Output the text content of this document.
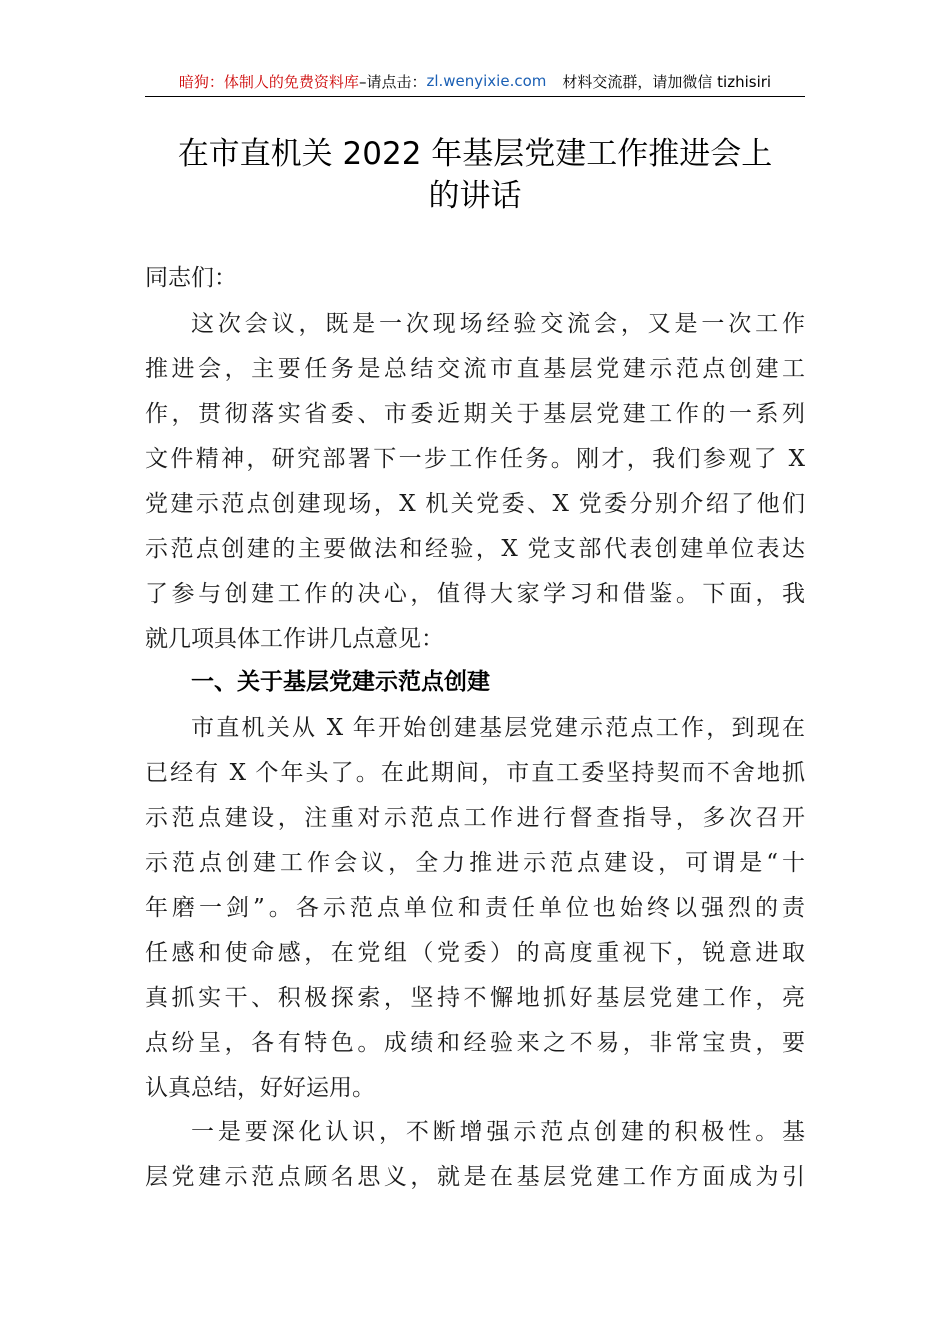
暗狗：体制人的免费资料库 –请点击： zl.wenyixie.com 材料交流群，请加微信 tizhisiri
在市直机关 2022 年基层党建工作推进会上
的讲话
同志们：
这次会议，既是一次现场经验交流会，又是一次工作
推进会，主要任务是总结交流市直基层党建示范点创建工
作，贯彻落实省委、市委近期关于基层党建工作的一系列
文件精神，研究部署下一步工作任务。刚才，我们参观了 X
党建示范点创建现场，X 机关党委、X 党委分别介绍了他们
示范点创建的主要做法和经验，X 党支部代表创建单位表达
了参与创建工作的决心，值得大家学习和借鉴。下面，我
就几项具体工作讲几点意见：
一、关于基层党建示范点创建
市直机关从 X 年开始创建基层党建示范点工作，到现在
已经有 X 个年头了。在此期间，市直工委坚持契而不舍地抓
示范点建设，注重对示范点工作进行督查指导，多次召开
示范点创建工作会议，全力推进示范点建设，可谓是“十
年磨一剑”。各示范点单位和责任单位也始终以强烈的责
任感和使命感，在党组（党委）的高度重视下，锐意进取
真抓实干、积极探索，坚持不懈地抓好基层党建工作，亮
点纷呈，各有特色。成绩和经验来之不易，非常宝贵，要
认真总结，好好运用。
一是要深化认识，不断增强示范点创建的积极性。基
层党建示范点顾名思义，就是在基层党建工作方面成为引
